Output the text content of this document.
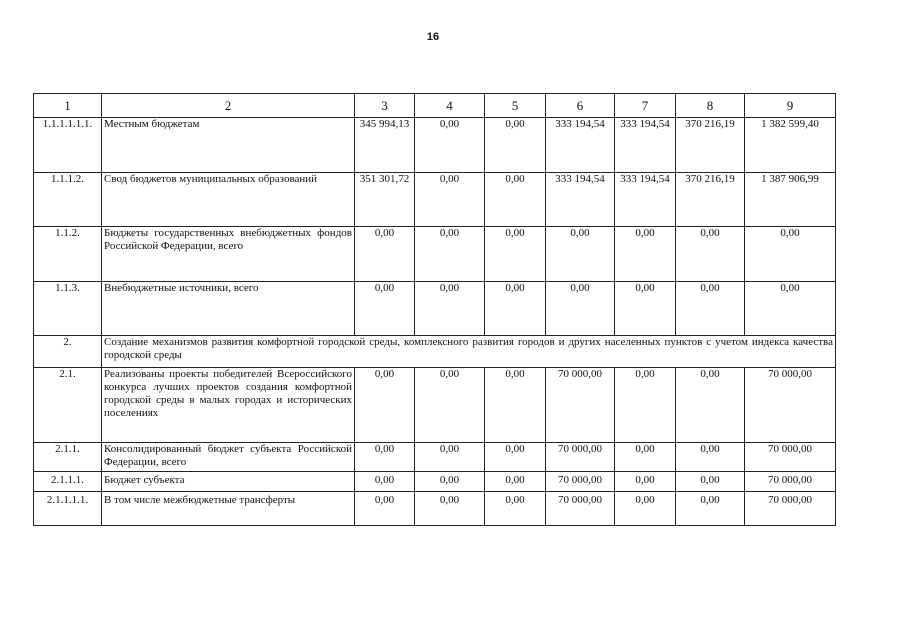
16
1	2	3	4	5	6	7	8	9
1.1.1.1.1.1.	Местным бюджетам	345 994,13	0,00	0,00	333 194,54	333 194,54	370 216,19	1 382 599,40
1.1.1.2.	Свод бюджетов муниципальных образований	351 301,72	0,00	0,00	333 194,54	333 194,54	370 216,19	1 387 906,99
1.1.2.	Бюджеты государственных внебюджетных фондов Российской Федерации, всего	0,00	0,00	0,00	0,00	0,00	0,00	0,00
1.1.3.	Внебюджетные источники, всего	0,00	0,00	0,00	0,00	0,00	0,00	0,00
2.	Создание механизмов развития комфортной городской среды, комплексного развития городов и других населенных пунктов с учетом индекса качества городской среды							
2.1.	Реализованы проекты победителей Всероссийского конкурса лучших проектов создания комфортной городской среды в малых городах и исторических поселениях	0,00	0,00	0,00	70 000,00	0,00	0,00	70 000,00
2.1.1.	Консолидированный бюджет субъекта Российской Федерации, всего	0,00	0,00	0,00	70 000,00	0,00	0,00	70 000,00
2.1.1.1.	Бюджет субъекта	0,00	0,00	0,00	70 000,00	0,00	0,00	70 000,00
2.1.1.1.1.	В том числе межбюджетные трансферты	0,00	0,00	0,00	70 000,00	0,00	0,00	70 000,00
